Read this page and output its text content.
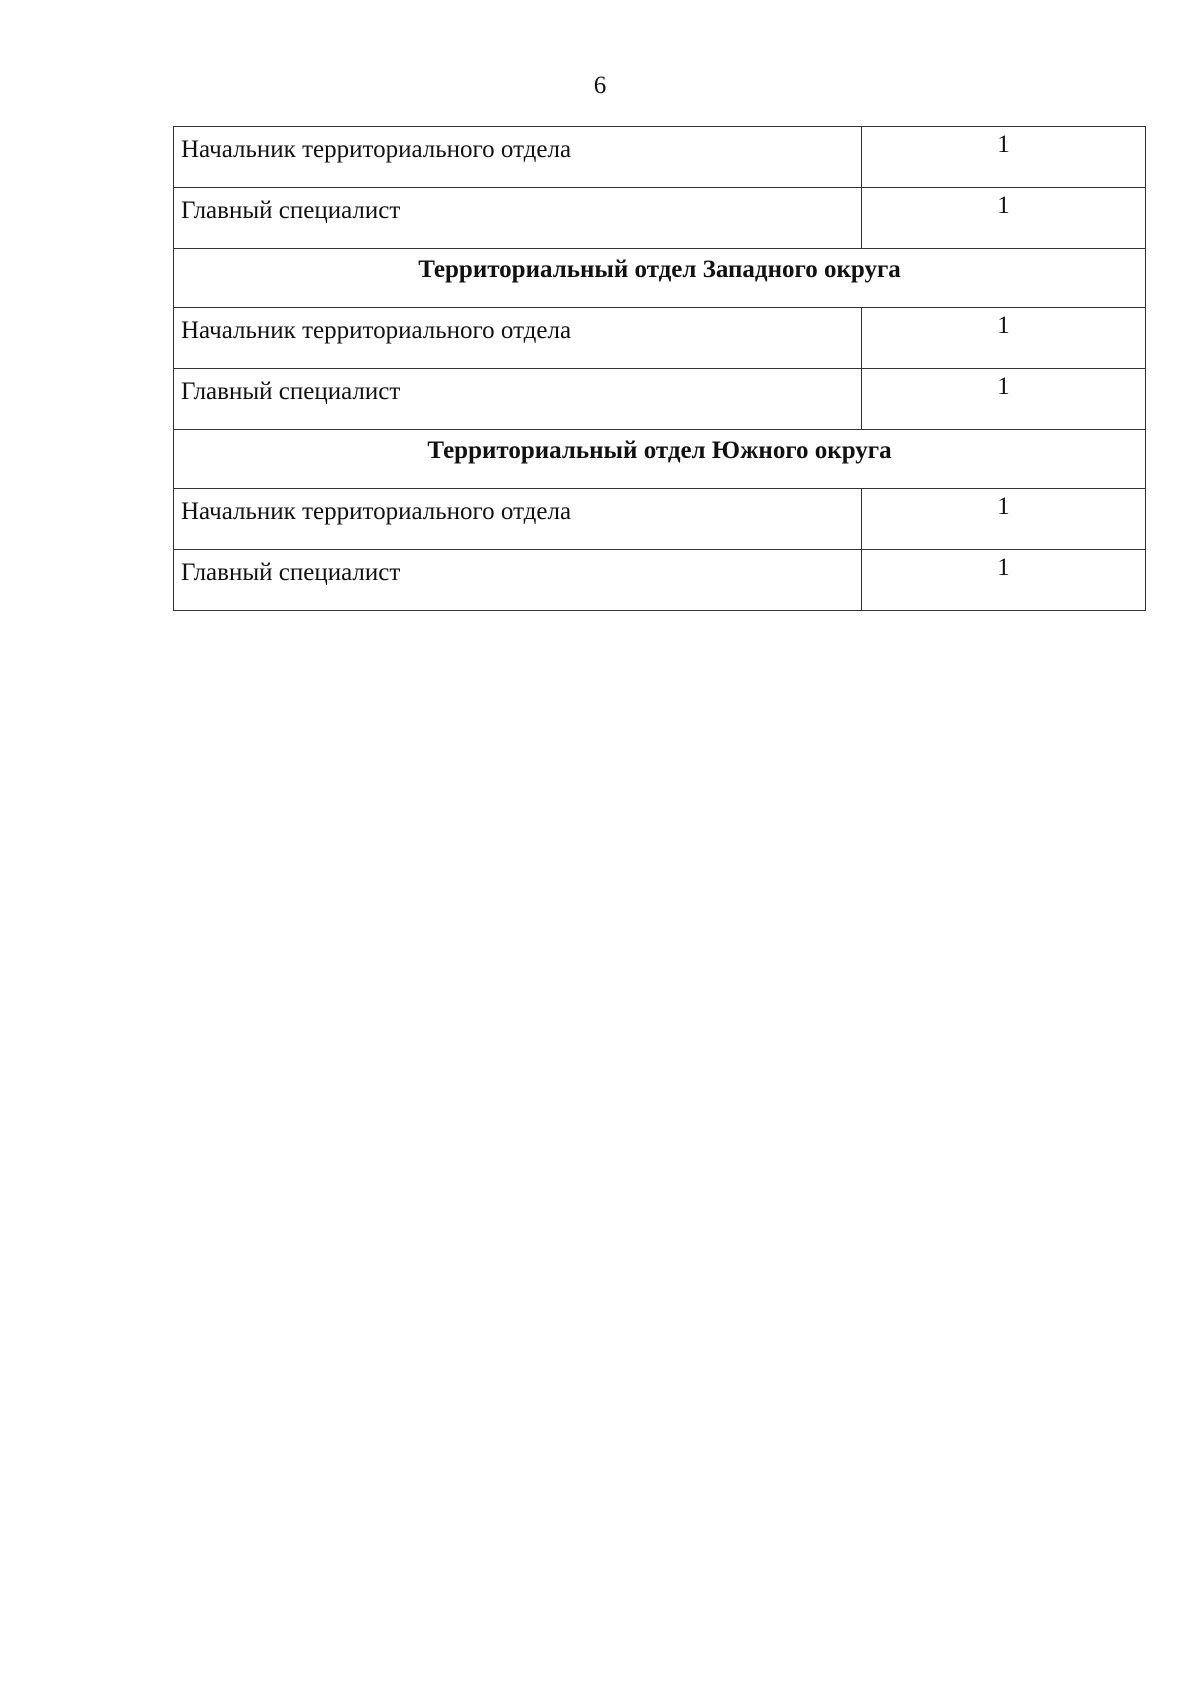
6
Начальник территориального отдела	1
Главный специалист	1
Территориальный отдел Западного округа	
Начальник территориального отдела	1
Главный специалист	1
Территориальный отдел Южного округа	
Начальник территориального отдела	1
Главный специалист	1
